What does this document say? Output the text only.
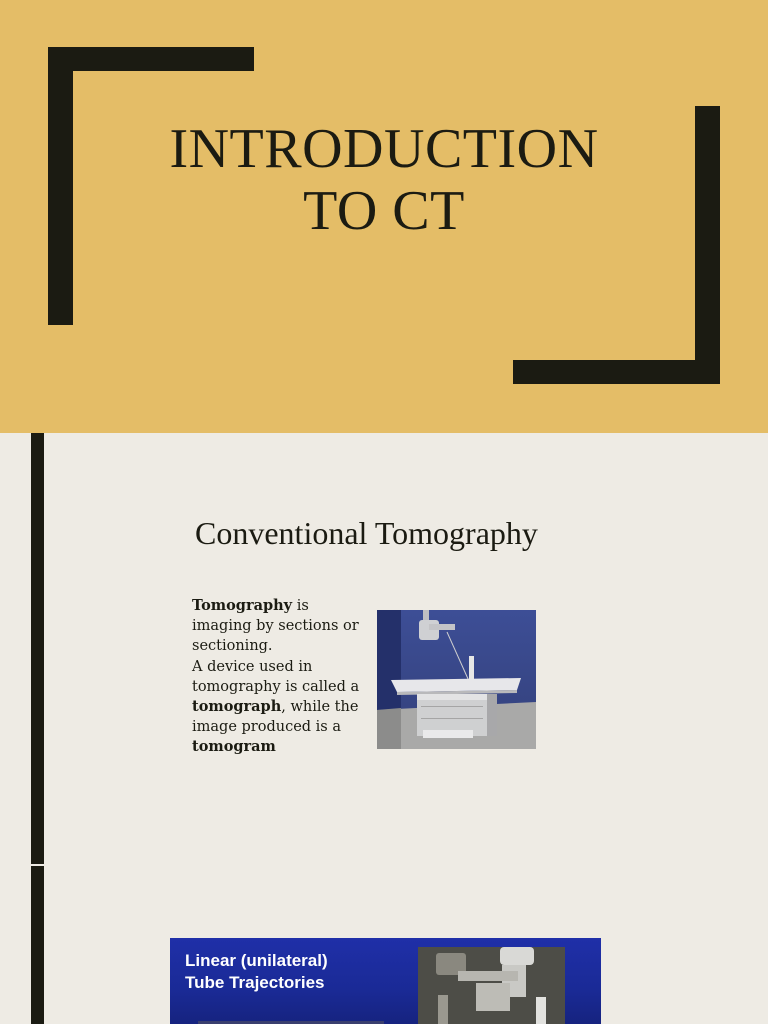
INTRODUCTION
TO CT
Conventional Tomography
Tomography is imaging by sections or sectioning.
A device used in tomography is called a tomograph, while the image produced is a tomogram
Linear (unilateral)
Tube Trajectories
